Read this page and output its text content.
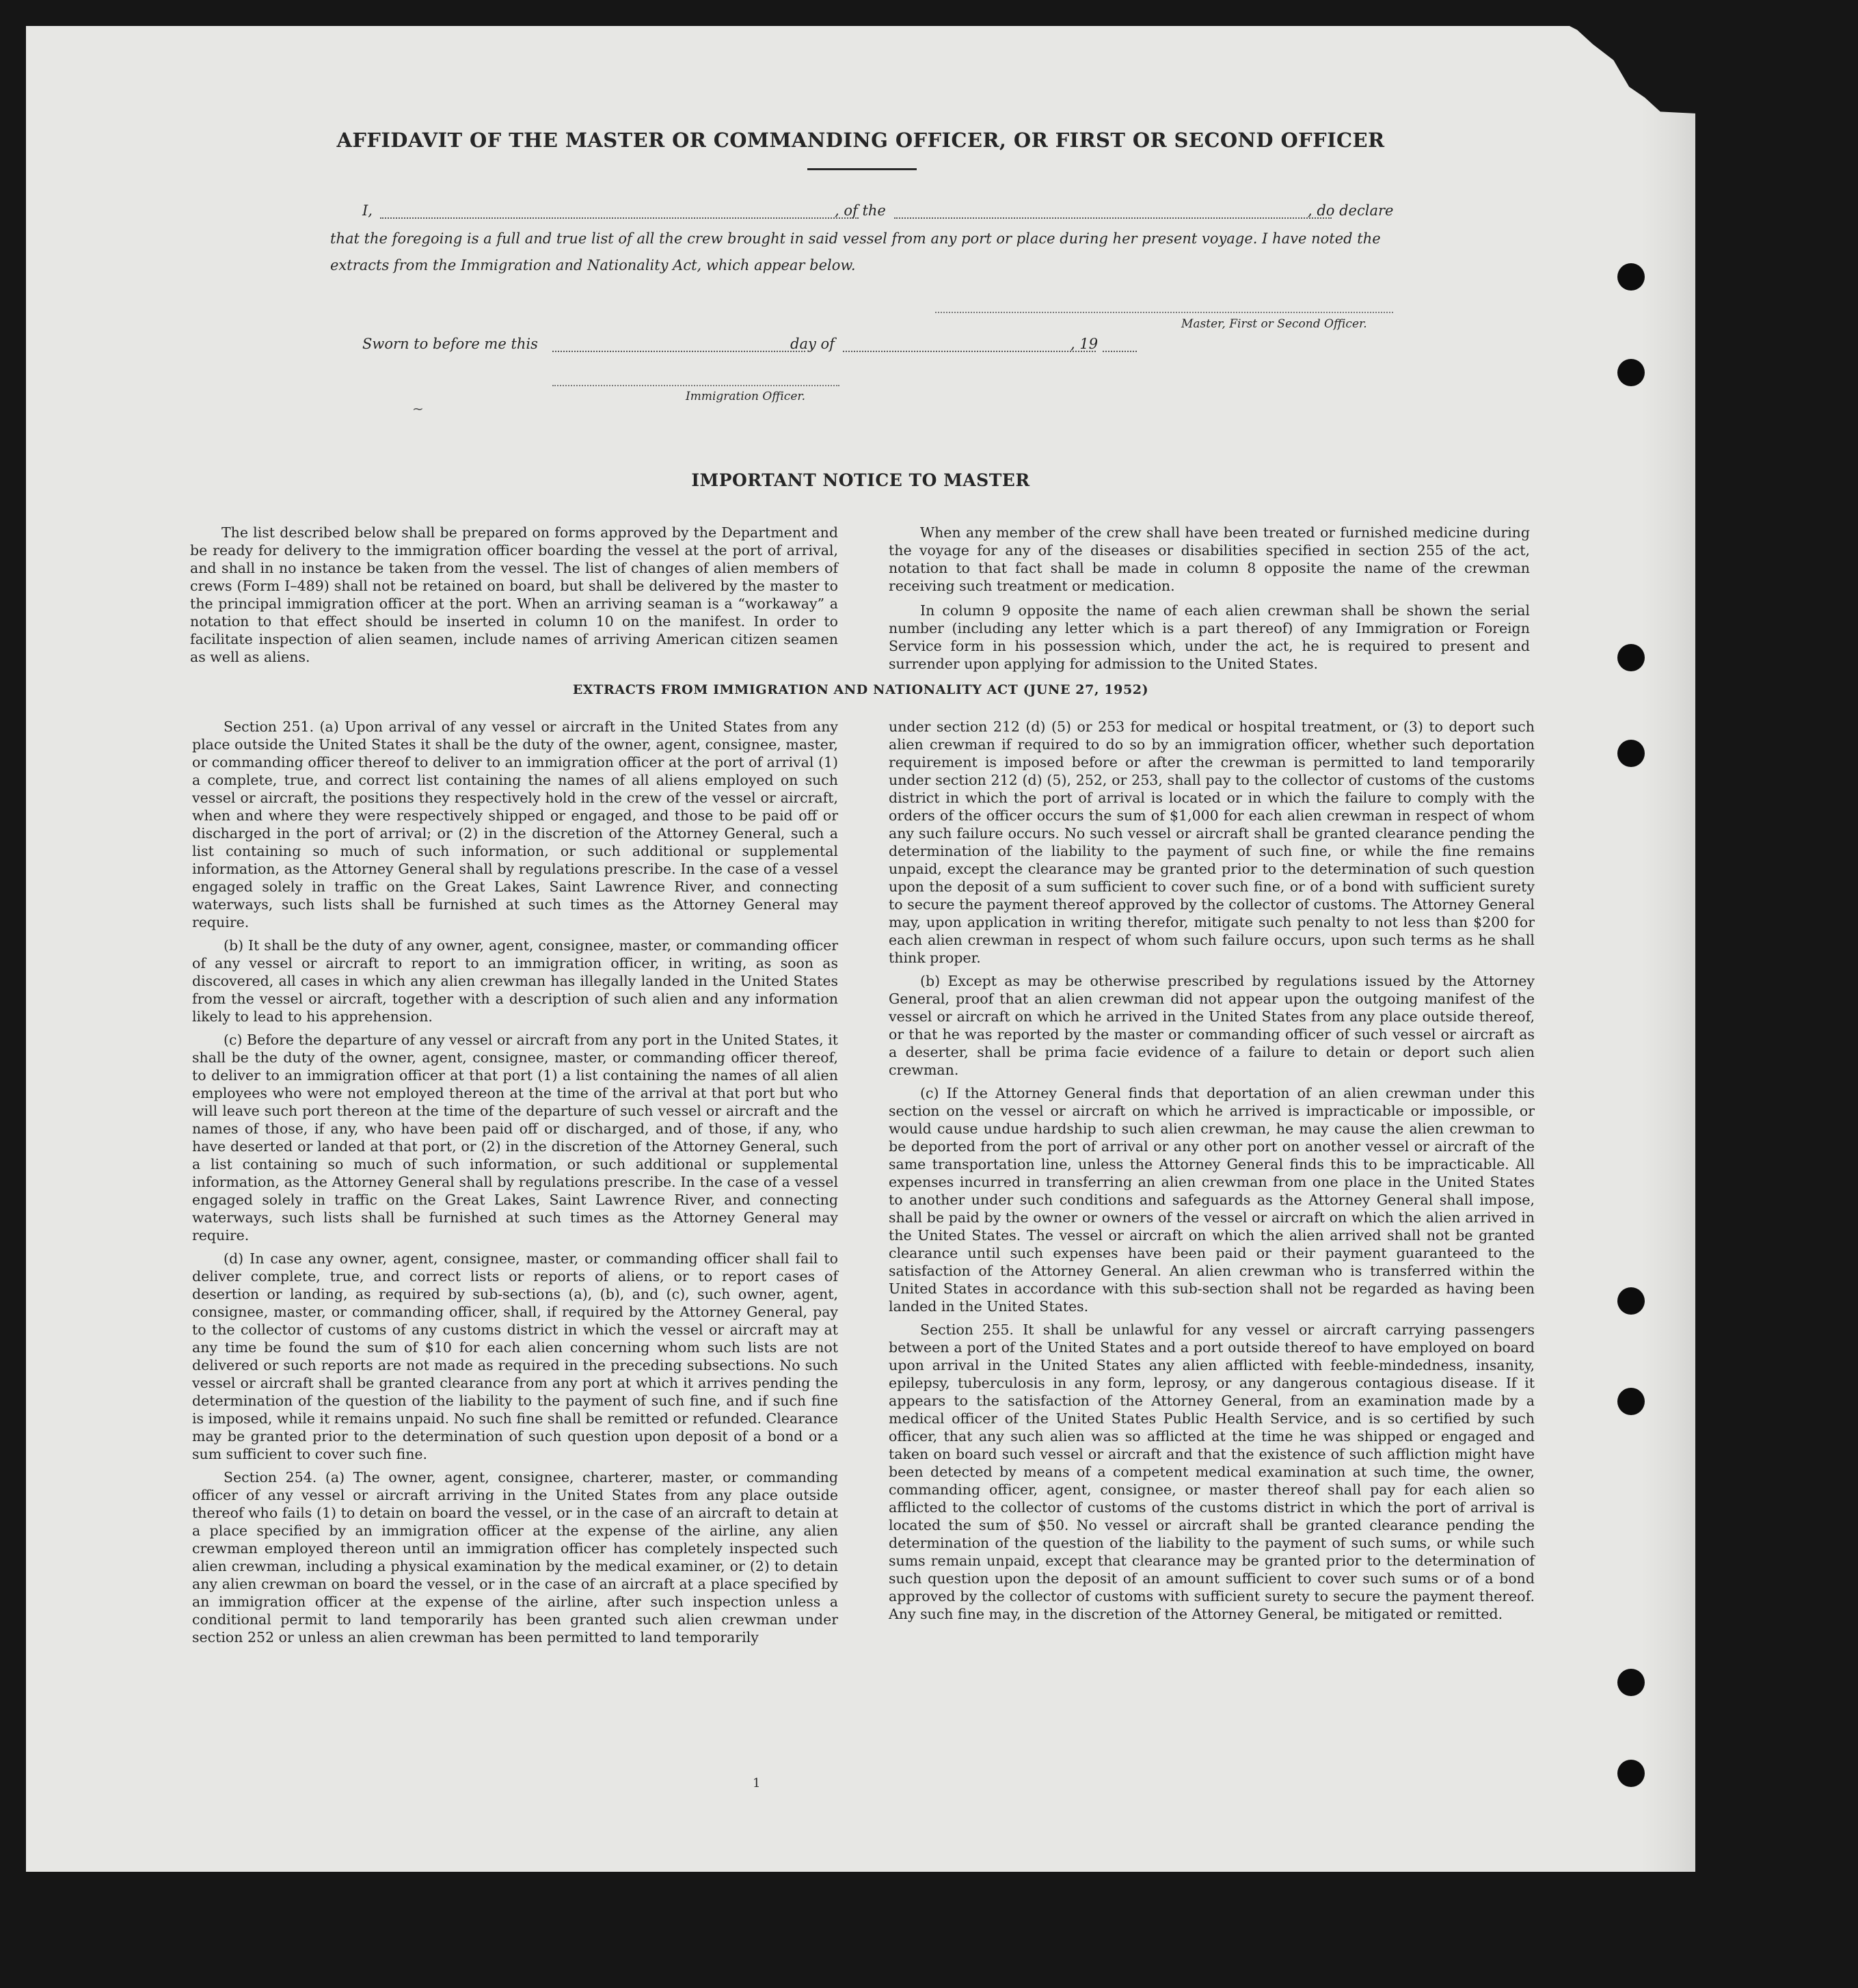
AFFIDAVIT OF THE MASTER OR COMMANDING OFFICER, OR FIRST OR SECOND OFFICER
I,	, of the	, do declare
that the foregoing is a full and true list of all the crew brought in said vessel from any port or place during her present voyage. I have noted the extracts from the Immigration and Nationality Act, which appear below.
Master, First or Second Officer.
Sworn to before me this	day of	, 19
Immigration Officer.
~
IMPORTANT NOTICE TO MASTER

The list described below shall be prepared on forms approved by the Department and be ready for delivery to the immigration officer boarding the vessel at the port of arrival, and shall in no instance be taken from the vessel. The list of changes of alien members of crews (Form I–489) shall not be retained on board, but shall be delivered by the master to the principal immigration officer at the port. When an arriving seaman is a “workaway” a notation to that effect should be inserted in column 10 on the manifest. In order to facilitate inspection of alien seamen, include names of arriving American citizen seamen as well as aliens.

When any member of the crew shall have been treated or furnished medicine during the voyage for any of the diseases or disabilities specified in section 255 of the act, notation to that fact shall be made in column 8 opposite the name of the crewman receiving such treatment or medication.

In column 9 opposite the name of each alien crewman shall be shown the serial number (including any letter which is a part thereof) of any Immigration or Foreign Service form in his possession which, under the act, he is required to present and surrender upon applying for admission to the United States.

EXTRACTS FROM IMMIGRATION AND NATIONALITY ACT (JUNE 27, 1952)

Section 251. (a) Upon arrival of any vessel or aircraft in the United States from any place outside the United States it shall be the duty of the owner, agent, consignee, master, or commanding officer thereof to deliver to an immigration officer at the port of arrival (1) a complete, true, and correct list containing the names of all aliens employed on such vessel or aircraft, the positions they respectively hold in the crew of the vessel or aircraft, when and where they were respectively shipped or engaged, and those to be paid off or discharged in the port of arrival; or (2) in the discretion of the Attorney General, such a list containing so much of such information, or such additional or supplemental information, as the Attorney General shall by regulations prescribe. In the case of a vessel engaged solely in traffic on the Great Lakes, Saint Lawrence River, and connecting waterways, such lists shall be furnished at such times as the Attorney General may require.

(b) It shall be the duty of any owner, agent, consignee, master, or commanding officer of any vessel or aircraft to report to an immigration officer, in writing, as soon as discovered, all cases in which any alien crewman has illegally landed in the United States from the vessel or aircraft, together with a description of such alien and any information likely to lead to his apprehension.

(c) Before the departure of any vessel or aircraft from any port in the United States, it shall be the duty of the owner, agent, consignee, master, or commanding officer thereof, to deliver to an immigration officer at that port (1) a list containing the names of all alien employees who were not employed thereon at the time of the arrival at that port but who will leave such port thereon at the time of the departure of such vessel or aircraft and the names of those, if any, who have been paid off or discharged, and of those, if any, who have deserted or landed at that port, or (2) in the discretion of the Attorney General, such a list containing so much of such information, or such additional or supplemental information, as the Attorney General shall by regulations prescribe. In the case of a vessel engaged solely in traffic on the Great Lakes, Saint Lawrence River, and connecting waterways, such lists shall be furnished at such times as the Attorney General may require.

(d) In case any owner, agent, consignee, master, or commanding officer shall fail to deliver complete, true, and correct lists or reports of aliens, or to report cases of desertion or landing, as required by sub-sections (a), (b), and (c), such owner, agent, consignee, master, or commanding officer, shall, if required by the Attorney General, pay to the collector of customs of any customs district in which the vessel or aircraft may at any time be found the sum of $10 for each alien concerning whom such lists are not delivered or such reports are not made as required in the preceding subsections. No such vessel or aircraft shall be granted clearance from any port at which it arrives pending the determination of the question of the liability to the payment of such fine, and if such fine is imposed, while it remains unpaid. No such fine shall be remitted or refunded. Clearance may be granted prior to the determination of such question upon deposit of a bond or a sum sufficient to cover such fine.

Section 254. (a) The owner, agent, consignee, charterer, master, or commanding officer of any vessel or aircraft arriving in the United States from any place outside thereof who fails (1) to detain on board the vessel, or in the case of an aircraft to detain at a place specified by an immigration officer at the expense of the airline, any alien crewman employed thereon until an immigration officer has completely inspected such alien crewman, including a physical examination by the medical examiner, or (2) to detain any alien crewman on board the vessel, or in the case of an aircraft at a place specified by an immigration officer at the expense of the airline, after such inspection unless a conditional permit to land temporarily has been granted such alien crewman under section 252 or unless an alien crewman has been permitted to land temporarily

under section 212 (d) (5) or 253 for medical or hospital treatment, or (3) to deport such alien crewman if required to do so by an immigration officer, whether such deportation requirement is imposed before or after the crewman is permitted to land temporarily under section 212 (d) (5), 252, or 253, shall pay to the collector of customs of the customs district in which the port of arrival is located or in which the failure to comply with the orders of the officer occurs the sum of $1,000 for each alien crewman in respect of whom any such failure occurs. No such vessel or aircraft shall be granted clearance pending the determination of the liability to the payment of such fine, or while the fine remains unpaid, except the clearance may be granted prior to the determination of such question upon the deposit of a sum sufficient to cover such fine, or of a bond with sufficient surety to secure the payment thereof approved by the collector of customs. The Attorney General may, upon application in writing therefor, mitigate such penalty to not less than $200 for each alien crewman in respect of whom such failure occurs, upon such terms as he shall think proper.

(b) Except as may be otherwise prescribed by regulations issued by the Attorney General, proof that an alien crewman did not appear upon the outgoing manifest of the vessel or aircraft on which he arrived in the United States from any place outside thereof, or that he was reported by the master or commanding officer of such vessel or aircraft as a deserter, shall be prima facie evidence of a failure to detain or deport such alien crewman.

(c) If the Attorney General finds that deportation of an alien crewman under this section on the vessel or aircraft on which he arrived is impracticable or impossible, or would cause undue hardship to such alien crewman, he may cause the alien crewman to be deported from the port of arrival or any other port on another vessel or aircraft of the same transportation line, unless the Attorney General finds this to be impracticable. All expenses incurred in transferring an alien crewman from one place in the United States to another under such conditions and safeguards as the Attorney General shall impose, shall be paid by the owner or owners of the vessel or aircraft on which the alien arrived in the United States. The vessel or aircraft on which the alien arrived shall not be granted clearance until such expenses have been paid or their payment guaranteed to the satisfaction of the Attorney General. An alien crewman who is transferred within the United States in accordance with this sub-section shall not be regarded as having been landed in the United States.

Section 255. It shall be unlawful for any vessel or aircraft carrying passengers between a port of the United States and a port outside thereof to have employed on board upon arrival in the United States any alien afflicted with feeble-mindedness, insanity, epilepsy, tuberculosis in any form, leprosy, or any dangerous contagious disease. If it appears to the satisfaction of the Attorney General, from an examination made by a medical officer of the United States Public Health Service, and is so certified by such officer, that any such alien was so afflicted at the time he was shipped or engaged and taken on board such vessel or aircraft and that the existence of such affliction might have been detected by means of a competent medical examination at such time, the owner, commanding officer, agent, consignee, or master thereof shall pay for each alien so afflicted to the collector of customs of the customs district in which the port of arrival is located the sum of $50. No vessel or aircraft shall be granted clearance pending the determination of the question of the liability to the payment of such sums, or while such sums remain unpaid, except that clearance may be granted prior to the determination of such question upon the deposit of an amount sufficient to cover such sums or of a bond approved by the collector of customs with sufficient surety to secure the payment thereof. Any such fine may, in the discretion of the Attorney General, be mitigated or remitted.

1
